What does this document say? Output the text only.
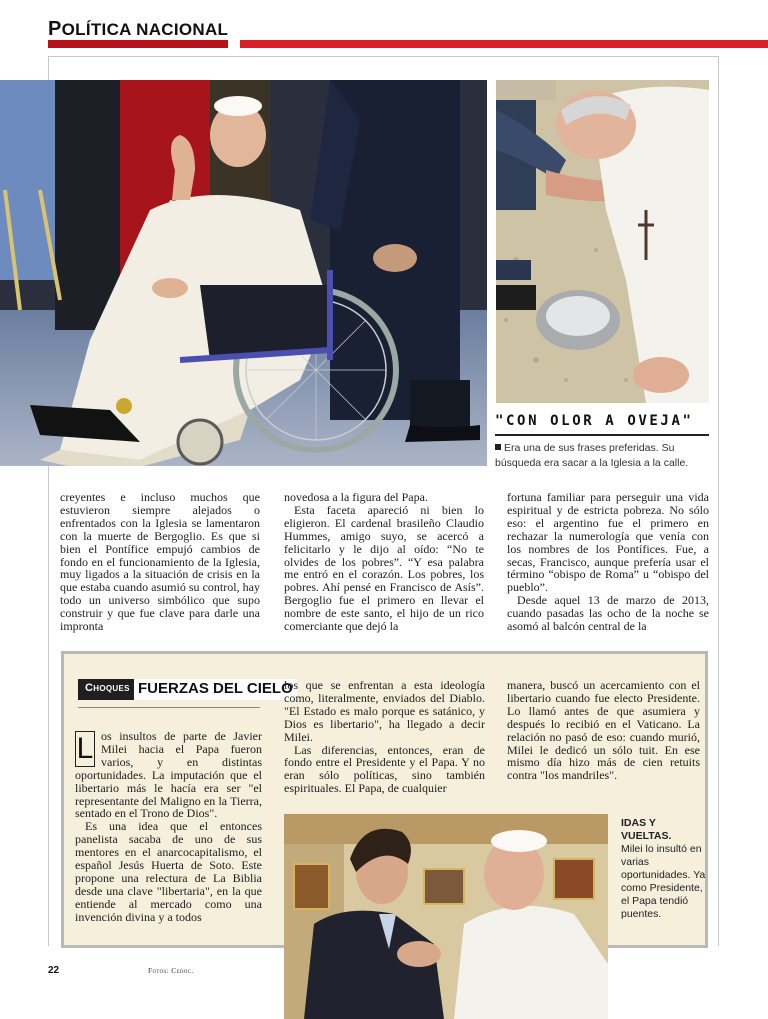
POLÍTICA NACIONAL
"CON OLOR A OVEJA"
Era una de sus frases preferidas. Su búsqueda era sacar a la Iglesia a la calle.

creyentes e incluso muchos que estuvieron siempre alejados o enfrentados con la Iglesia se lamentaron con la muerte de Bergoglio. Es que si bien el Pontífice empujó cambios de fondo en el funcionamiento de la Iglesia, muy ligados a la situación de crisis en la que estaba cuando asumió su control, hay todo un universo simbólico que supo construir y que fue clave para darle una impronta

novedosa a la figura del Papa.

Esta faceta apareció ni bien lo eligieron. El cardenal brasileño Claudio Hummes, amigo suyo, se acercó a felicitarlo y le dijo al oído: “No te olvides de los pobres”. “Y esa palabra me entró en el corazón. Los pobres, los pobres. Ahí pensé en Francisco de Asís”. Bergoglio fue el primero en llevar el nombre de este santo, el hijo de un rico comerciante que dejó la

fortuna familiar para perseguir una vida espiritual y de estricta pobreza. No sólo eso: el argentino fue el primero en rechazar la numerología que venía con los nombres de los Pontífices. Fue, a secas, Francisco, aunque prefería usar el término “obispo de Roma” u “obispo del pueblo”.

Desde aquel 13 de marzo de 2013, cuando pasadas las ocho de la noche se asomó al balcón central de la

Choques FUERZAS DEL CIELO

L os insultos de parte de Javier Milei hacia el Papa fueron varios, y en distintas oportunidades. La imputación que el libertario más le hacía era ser "el representante del Maligno en la Tierra, sentado en el Trono de Dios".

Es una idea que el entonces panelista sacaba de uno de sus mentores en el anarcocapitalismo, el español Jesús Huerta de Soto. Este propone una relectura de La Biblia desde una clave "libertaria", en la que entiende al mercado como una invención divina y a todos

los que se enfrentan a esta ideología como, literalmente, enviados del Diablo. "El Estado es malo porque es satánico, y Dios es libertario", ha llegado a decir Milei.

Las diferencias, entonces, eran de fondo entre el Presidente y el Papa. Y no eran sólo políticas, sino también espirituales. El Papa, de cualquier

manera, buscó un acercamiento con el libertario cuando fue electo Presidente. Lo llamó antes de que asumiera y después lo recibió en el Vaticano. La relación no pasó de eso: cuando murió, Milei le dedicó un sólo tuit. En ese mismo día hizo más de cien retuits contra "los mandriles".

IDAS Y VUELTAS.
Milei lo insultó en varias oportunidades. Ya como Presidente, el Papa tendió puentes.
22	Fotos: Cedoc.
